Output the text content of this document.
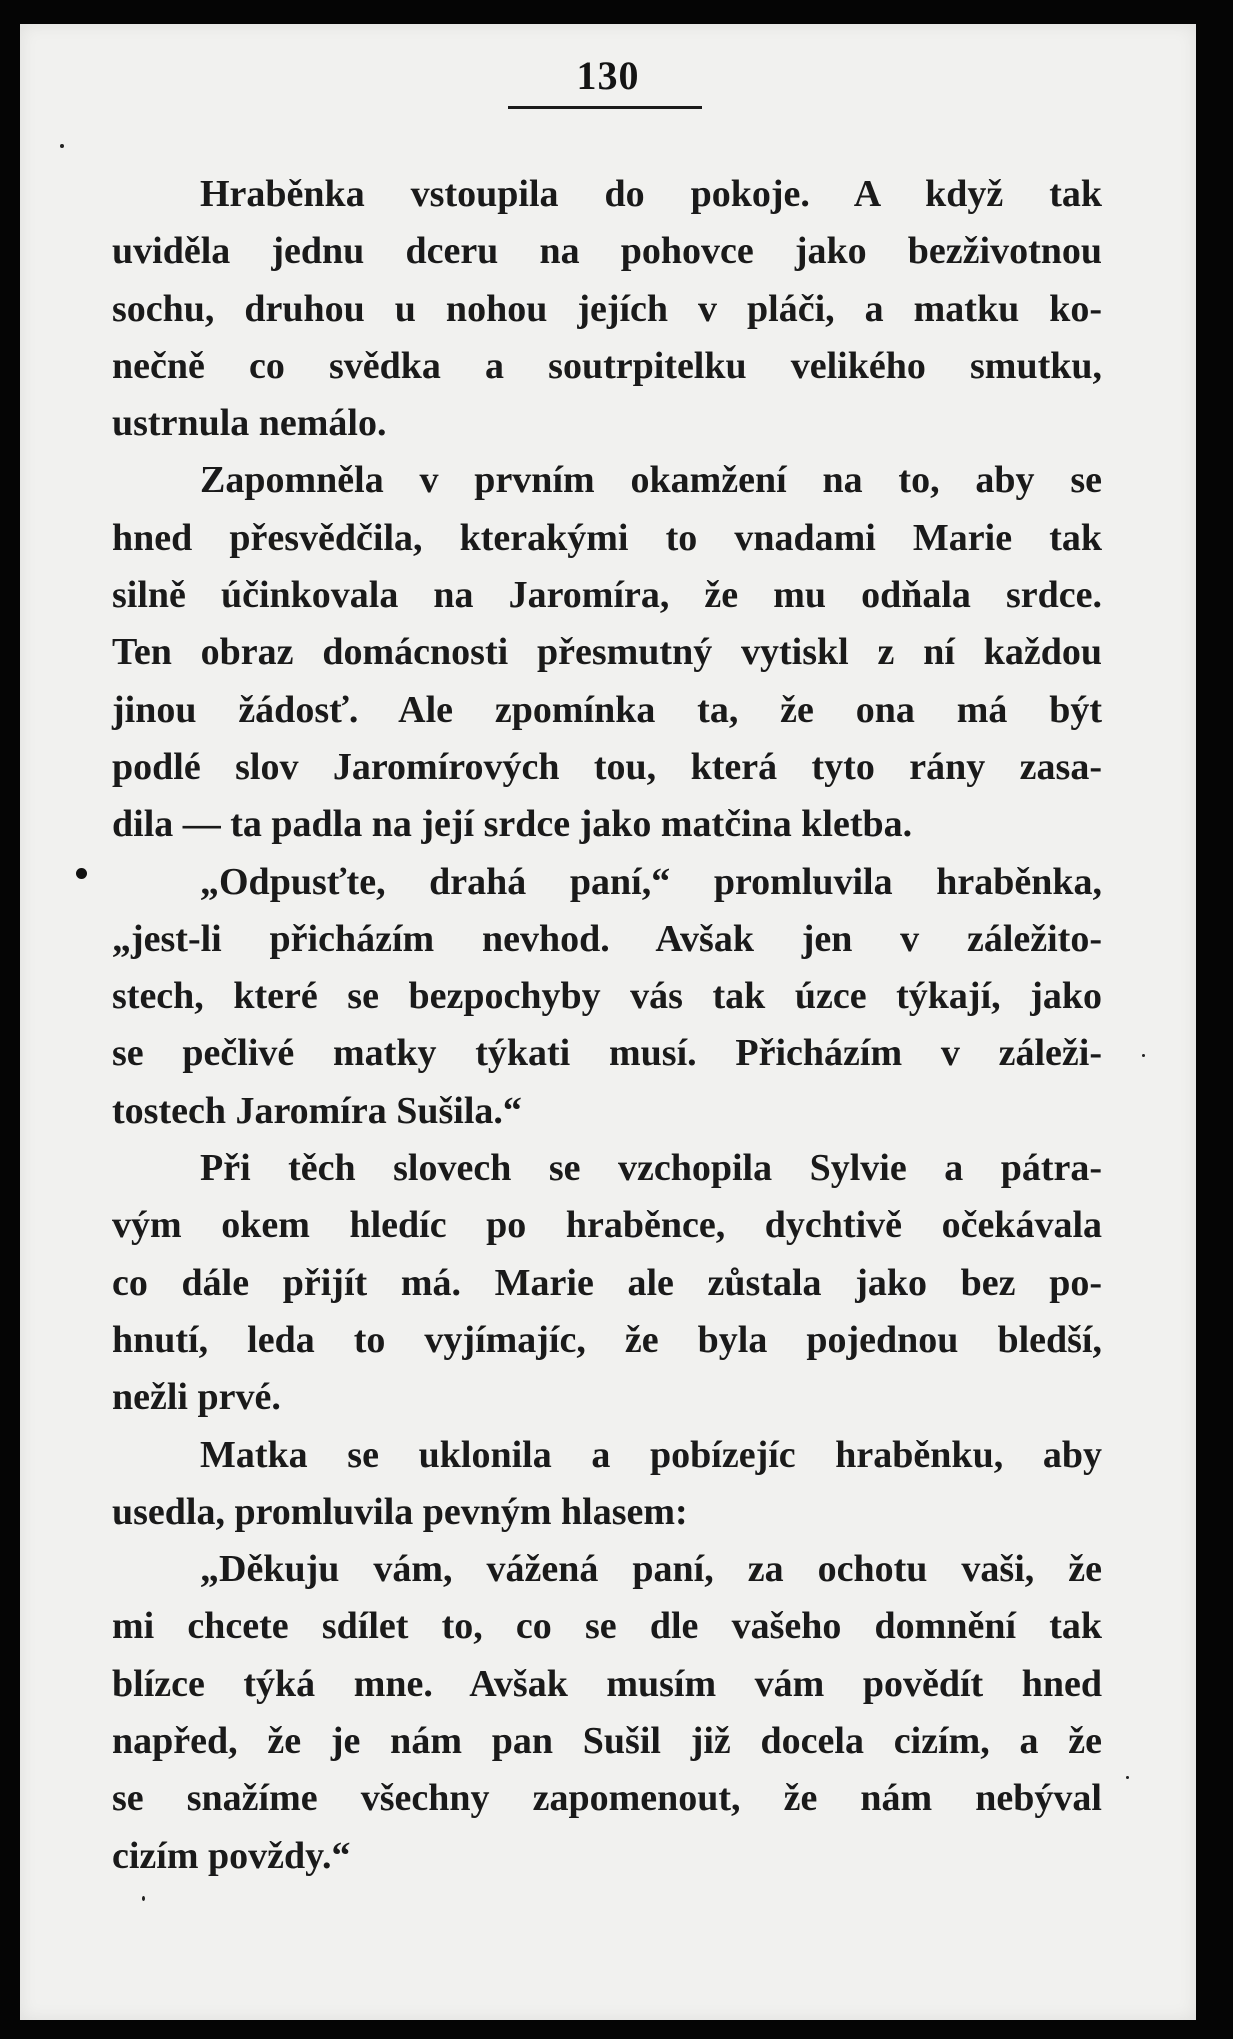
130
Hraběnka vstoupila do pokoje. A když tak
uviděla jednu dceru na pohovce jako bezživotnou
sochu, druhou u nohou jejích v pláči, a matku ko-
nečně co svědka a soutrpitelku velikého smutku,
ustrnula nemálo.
Zapomněla v prvním okamžení na to, aby se
hned přesvědčila, kterakými to vnadami Marie tak
silně účinkovala na Jaromíra, že mu odňala srdce.
Ten obraz domácnosti přesmutný vytiskl z ní každou
jinou žádosť. Ale zpomínka ta, že ona má být
podlé slov Jaromírových tou, která tyto rány zasa-
dila — ta padla na její srdce jako matčina kletba.
„Odpusťte, drahá paní,“ promluvila hraběnka,
„jest-li přicházím nevhod. Avšak jen v záležito-
stech, které se bezpochyby vás tak úzce týkají, jako
se pečlivé matky týkati musí. Přicházím v záleži-
tostech Jaromíra Sušila.“
Při těch slovech se vzchopila Sylvie a pátra-
vým okem hledíc po hraběnce, dychtivě očekávala
co dále přijít má. Marie ale zůstala jako bez po-
hnutí, leda to vyjímajíc, že byla pojednou bledší,
nežli prvé.
Matka se uklonila a pobízejíc hraběnku, aby
usedla, promluvila pevným hlasem:
„Děkuju vám, vážená paní, za ochotu vaši, že
mi chcete sdílet to, co se dle vašeho domnění tak
blízce týká mne. Avšak musím vám povědít hned
napřed, že je nám pan Sušil již docela cizím, a že
se snažíme všechny zapomenout, že nám nebýval
cizím povždy.“
